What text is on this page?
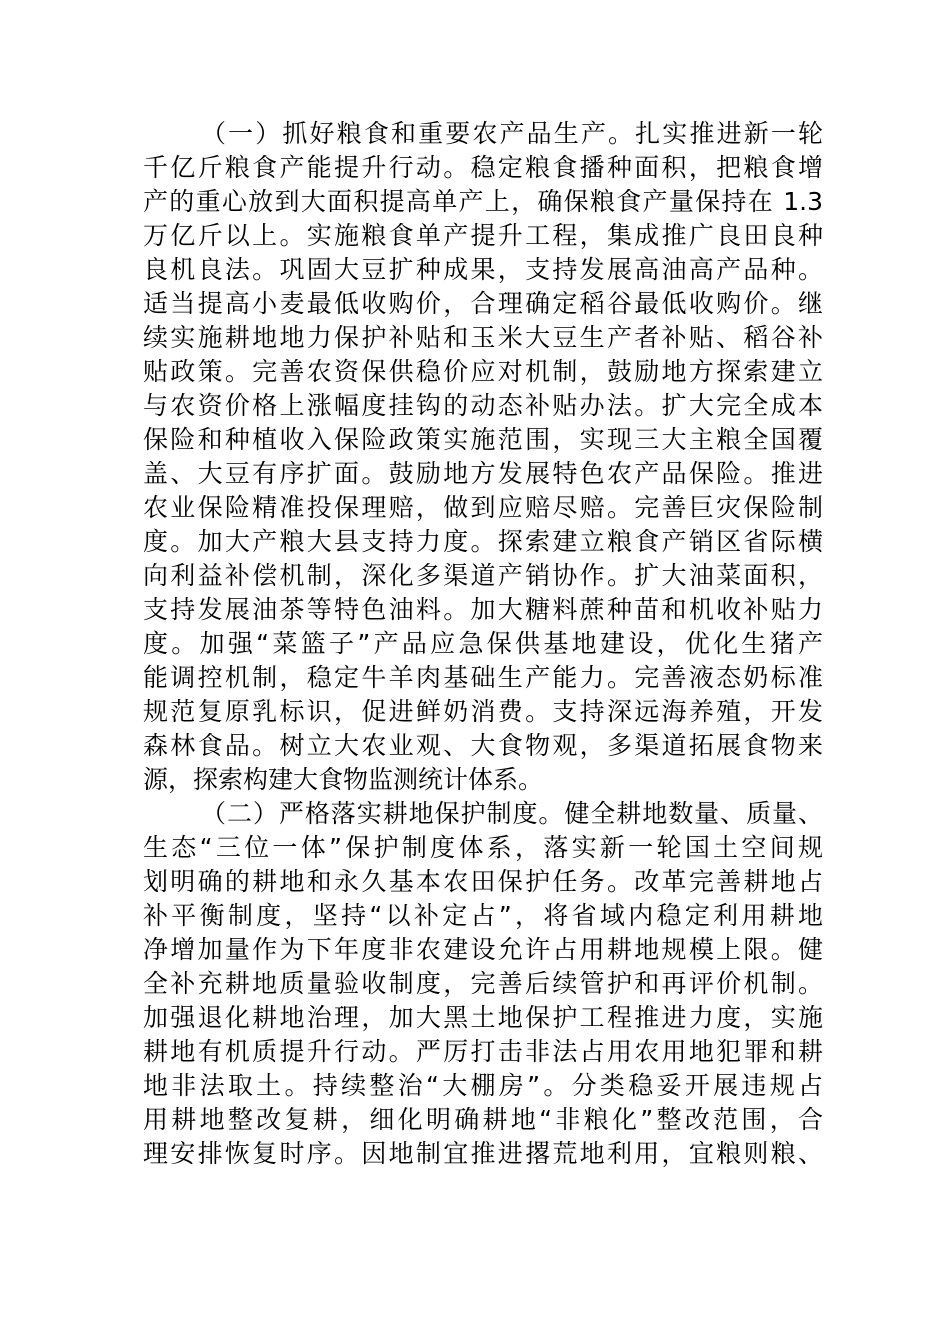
（一）抓好粮食和重要农产品生产。扎实推进新一轮
千亿斤粮食产能提升行动。稳定粮食播种面积，把粮食增
产的重心放到大面积提高单产上，确保粮食产量保持在 1.3
万亿斤以上。实施粮食单产提升工程，集成推广良田良种
良机良法。巩固大豆扩种成果，支持发展高油高产品种。
适当提高小麦最低收购价，合理确定稻谷最低收购价。继
续实施耕地地力保护补贴和玉米大豆生产者补贴、稻谷补
贴政策。完善农资保供稳价应对机制，鼓励地方探索建立
与农资价格上涨幅度挂钩的动态补贴办法。扩大完全成本
保险和种植收入保险政策实施范围，实现三大主粮全国覆
盖、大豆有序扩面。鼓励地方发展特色农产品保险。推进
农业保险精准投保理赔，做到应赔尽赔。完善巨灾保险制
度。加大产粮大县支持力度。探索建立粮食产销区省际横
向利益补偿机制，深化多渠道产销协作。扩大油菜面积，
支持发展油茶等特色油料。加大糖料蔗种苗和机收补贴力
度。加强“菜篮子”产品应急保供基地建设，优化生猪产
能调控机制，稳定牛羊肉基础生产能力。完善液态奶标准
规范复原乳标识，促进鲜奶消费。支持深远海养殖，开发
森林食品。树立大农业观、大食物观，多渠道拓展食物来
源，探索构建大食物监测统计体系。
（二）严格落实耕地保护制度。健全耕地数量、质量、
生态“三位一体”保护制度体系，落实新一轮国土空间规
划明确的耕地和永久基本农田保护任务。改革完善耕地占
补平衡制度，坚持“以补定占”，将省域内稳定利用耕地
净增加量作为下年度非农建设允许占用耕地规模上限。健
全补充耕地质量验收制度，完善后续管护和再评价机制。
加强退化耕地治理，加大黑土地保护工程推进力度，实施
耕地有机质提升行动。严厉打击非法占用农用地犯罪和耕
地非法取土。持续整治“大棚房”。分类稳妥开展违规占
用耕地整改复耕，细化明确耕地“非粮化”整改范围，合
理安排恢复时序。因地制宜推进撂荒地利用，宜粮则粮、
